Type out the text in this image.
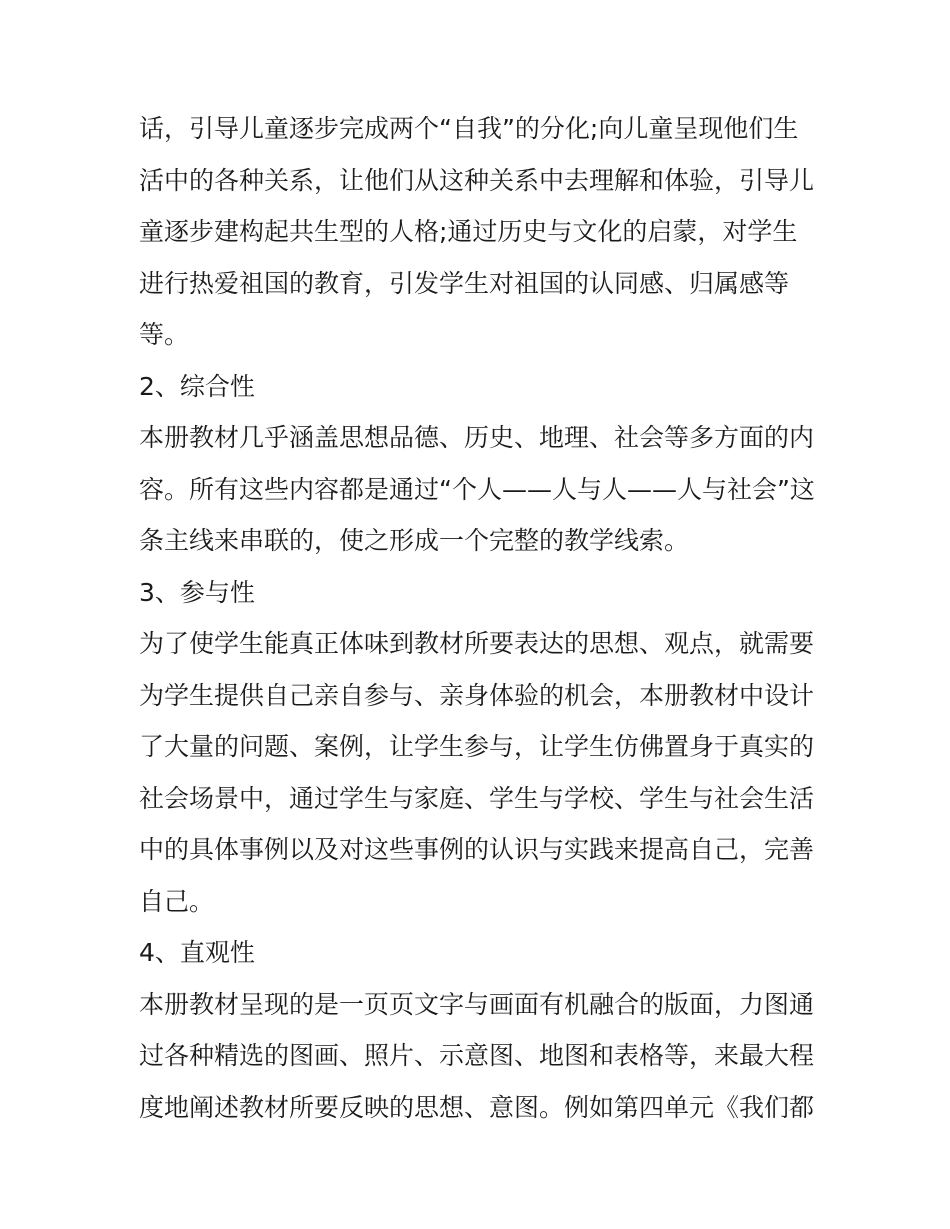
话，引导儿童逐步完成两个“自我”的分化;向儿童呈现他们生
活中的各种关系，让他们从这种关系中去理解和体验，引导儿
童逐步建构起共生型的人格;通过历史与文化的启蒙，对学生
进行热爱祖国的教育，引发学生对祖国的认同感、归属感等
等。
2、综合性
本册教材几乎涵盖思想品德、历史、地理、社会等多方面的内
容。所有这些内容都是通过“个人——人与人——人与社会”这
条主线来串联的，使之形成一个完整的教学线索。
3、参与性
为了使学生能真正体味到教材所要表达的思想、观点，就需要
为学生提供自己亲自参与、亲身体验的机会，本册教材中设计
了大量的问题、案例，让学生参与，让学生仿佛置身于真实的
社会场景中，通过学生与家庭、学生与学校、学生与社会生活
中的具体事例以及对这些事例的认识与实践来提高自己，完善
自己。
4、直观性
本册教材呈现的是一页页文字与画面有机融合的版面，力图通
过各种精选的图画、照片、示意图、地图和表格等，来最大程
度地阐述教材所要反映的思想、意图。例如第四单元《我们都
